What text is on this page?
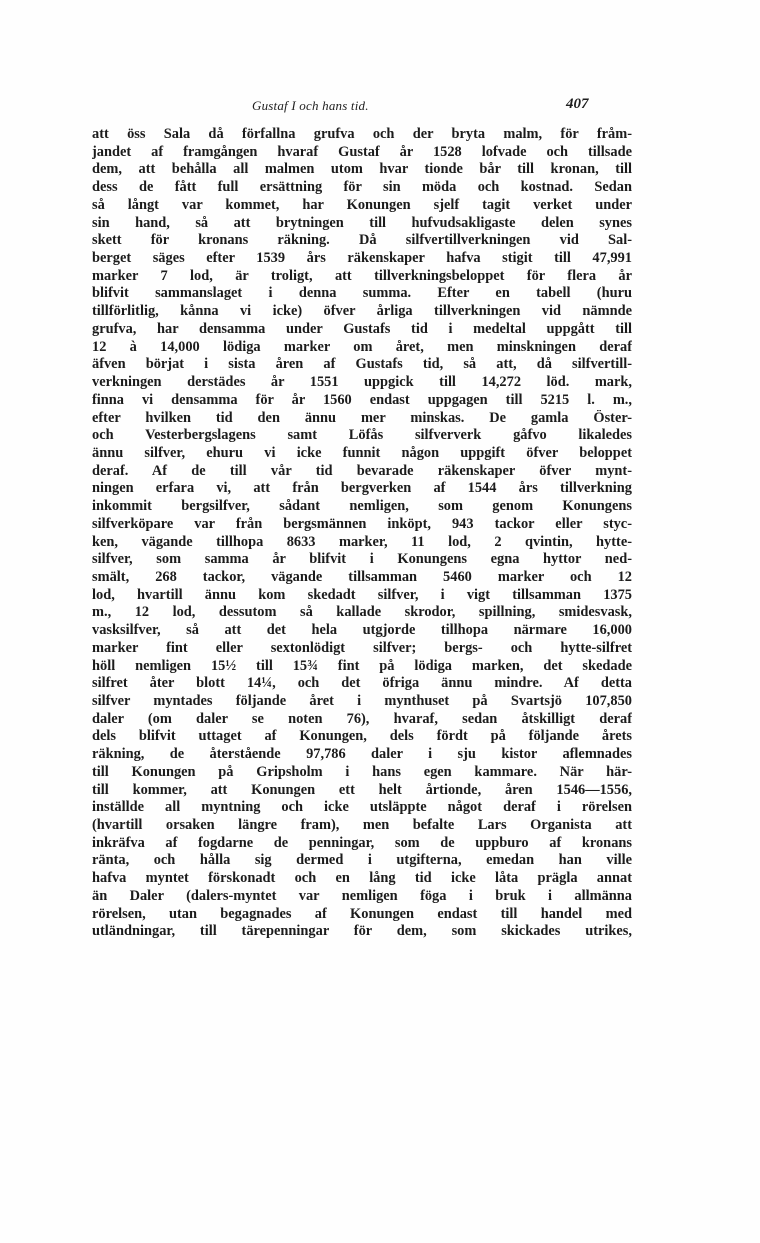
Gustaf I och hans tid.	407
att öss Sala då förfallna grufva och der bryta malm, för fråm-
jandet af framgången hvaraf Gustaf år 1528 lofvade och tillsade
dem, att behålla all malmen utom hvar tionde bår till kronan, till
dess de fått full ersättning för sin möda och kostnad. Sedan
så långt var kommet, har Konungen sjelf tagit verket under
sin hand, så att brytningen till hufvudsakligaste delen synes
skett för kronans räkning. Då silfvertillverkningen vid Sal-
berget säges efter 1539 års räkenskaper hafva stigit till 47,991
marker 7 lod, är troligt, att tillverkningsbeloppet för flera år
blifvit sammanslaget i denna summa. Efter en tabell (huru
tillförlitlig, kånna vi icke) öfver årliga tillverkningen vid nämnde
grufva, har densamma under Gustafs tid i medeltal uppgått till
12 à 14,000 lödiga marker om året, men minskningen deraf
äfven börjat i sista åren af Gustafs tid, så att, då silfvertill-
verkningen derstädes år 1551 uppgick till 14,272 löd. mark,
finna vi densamma för år 1560 endast uppgagen till 5215 l. m.,
efter hvilken tid den ännu mer minskas. De gamla Öster-
och Vesterbergslagens samt Löfås silfververk gåfvo likaledes
ännu silfver, ehuru vi icke funnit någon uppgift öfver beloppet
deraf. Af de till vår tid bevarade räkenskaper öfver mynt-
ningen erfara vi, att från bergverken af 1544 års tillverkning
inkommit bergsilfver, sådant nemligen, som genom Konungens
silfverköpare var från bergsmännen inköpt, 943 tackor eller styc-
ken, vägande tillhopa 8633 marker, 11 lod, 2 qvintin, hytte-
silfver, som samma år blifvit i Konungens egna hyttor ned-
smält, 268 tackor, vägande tillsamman 5460 marker och 12
lod, hvartill ännu kom skedadt silfver, i vigt tillsamman 1375
m., 12 lod, dessutom så kallade skrodor, spillning, smidesvask,
vasksilfver, så att det hela utgjorde tillhopa närmare 16,000
marker fint eller sextonlödigt silfver; bergs- och hytte-silfret
höll nemligen 15½ till 15¾ fint på lödiga marken, det skedade
silfret åter blott 14¼, och det öfriga ännu mindre. Af detta
silfver myntades följande året i mynthuset på Svartsjö 107,850
daler (om daler se noten 76), hvaraf, sedan åtskilligt deraf
dels blifvit uttaget af Konungen, dels fördt på följande årets
räkning, de återstående 97,786 daler i sju kistor aflemnades
till Konungen på Gripsholm i hans egen kammare. När här-
till kommer, att Konungen ett helt årtionde, åren 1546—1556,
inställde all myntning och icke utsläppte något deraf i rörelsen
(hvartill orsaken längre fram), men befalte Lars Organista att
inkräfva af fogdarne de penningar, som de uppburo af kronans
ränta, och hålla sig dermed i utgifterna, emedan han ville
hafva myntet förskonadt och en lång tid icke låta prägla annat
än Daler (dalers-myntet var nemligen föga i bruk i allmänna
rörelsen, utan begagnades af Konungen endast till handel med
utländningar, till tärepenningar för dem, som skickades utrikes,
